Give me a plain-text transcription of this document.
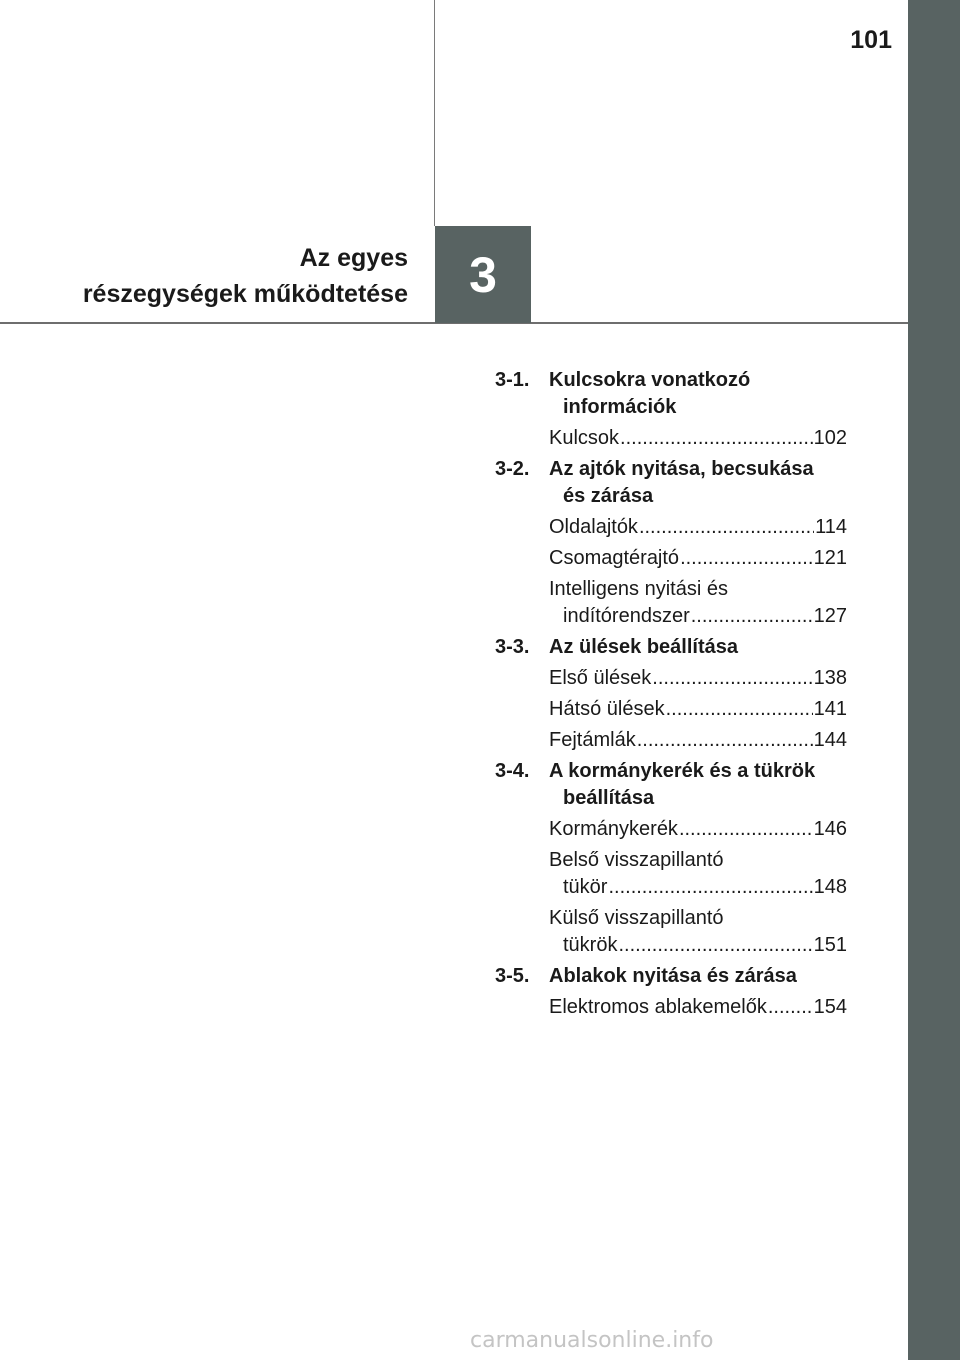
101
Az egyes
részegységek működtetése	3
3-1. Kulcsokra vonatkozó
információk
Kulcsok .....	102
3-2. Az ajtók nyitása, becsukása
és zárása
Oldalajtók .....	114
Csomagtérajtó .....	121
Intelligens nyitási és
indítórendszer .....	127
3-3. Az ülések beállítása
Első ülések .....	138
Hátsó ülések .....	141
Fejtámlák .....	144
3-4. A kormánykerék és a tükrök
beállítása
Kormánykerék .....	146
Belső visszapillantó
tükör .....	148
Külső visszapillantó
tükrök .....	151
3-5. Ablakok nyitása és zárása
Elektromos ablakemelők ..... 154
carmanualsonline.info
